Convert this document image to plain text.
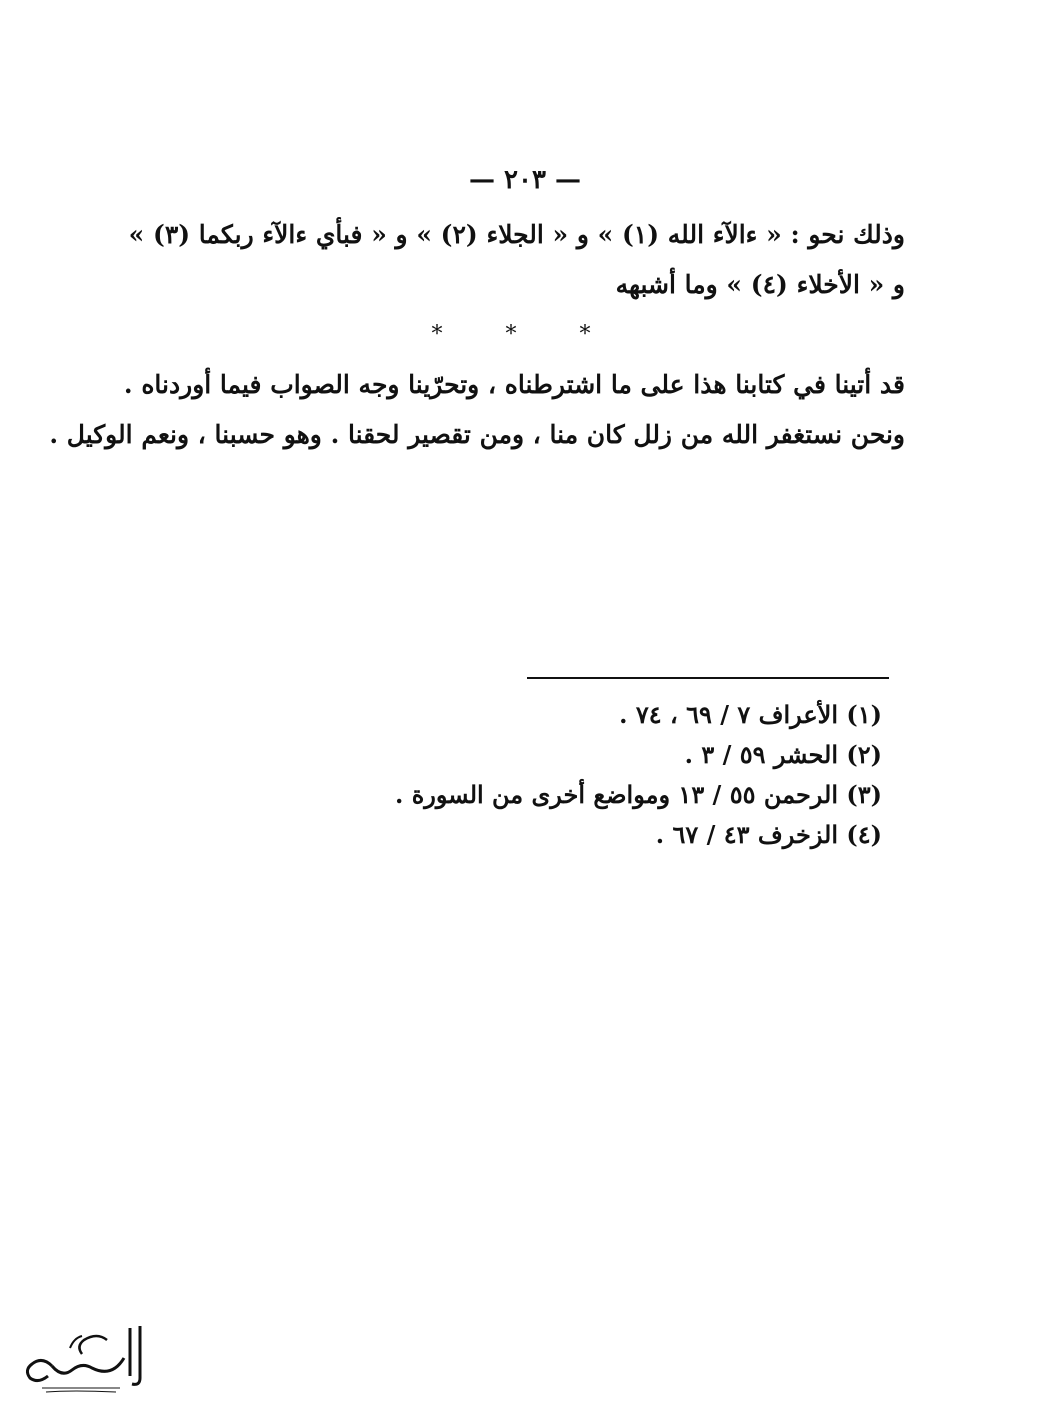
— ٢٠٣ —

وذلك نحو : « ءالآء الله (١) » و « الجلاء (٢) » و « فبأي ءالآء ربكما (٣) »
و « الأخلاء (٤) » وما أشبهه

* * *

قد أتينا في كتابنا هذا على ما اشترطناه ، وتحرّينا وجه الصواب فيما أوردناه .
ونحن نستغفر الله من زلل كان منا ، ومن تقصير لحقنا . وهو حسبنا ، ونعم الوكيل .

(١) الأعراف ٧ / ٦٩ ، ٧٤ .
(٢) الحشر ٥٩ / ٣ .
(٣) الرحمن ٥٥ / ١٣ ومواضع أخرى من السورة .
(٤) الزخرف ٤٣ / ٦٧ .
